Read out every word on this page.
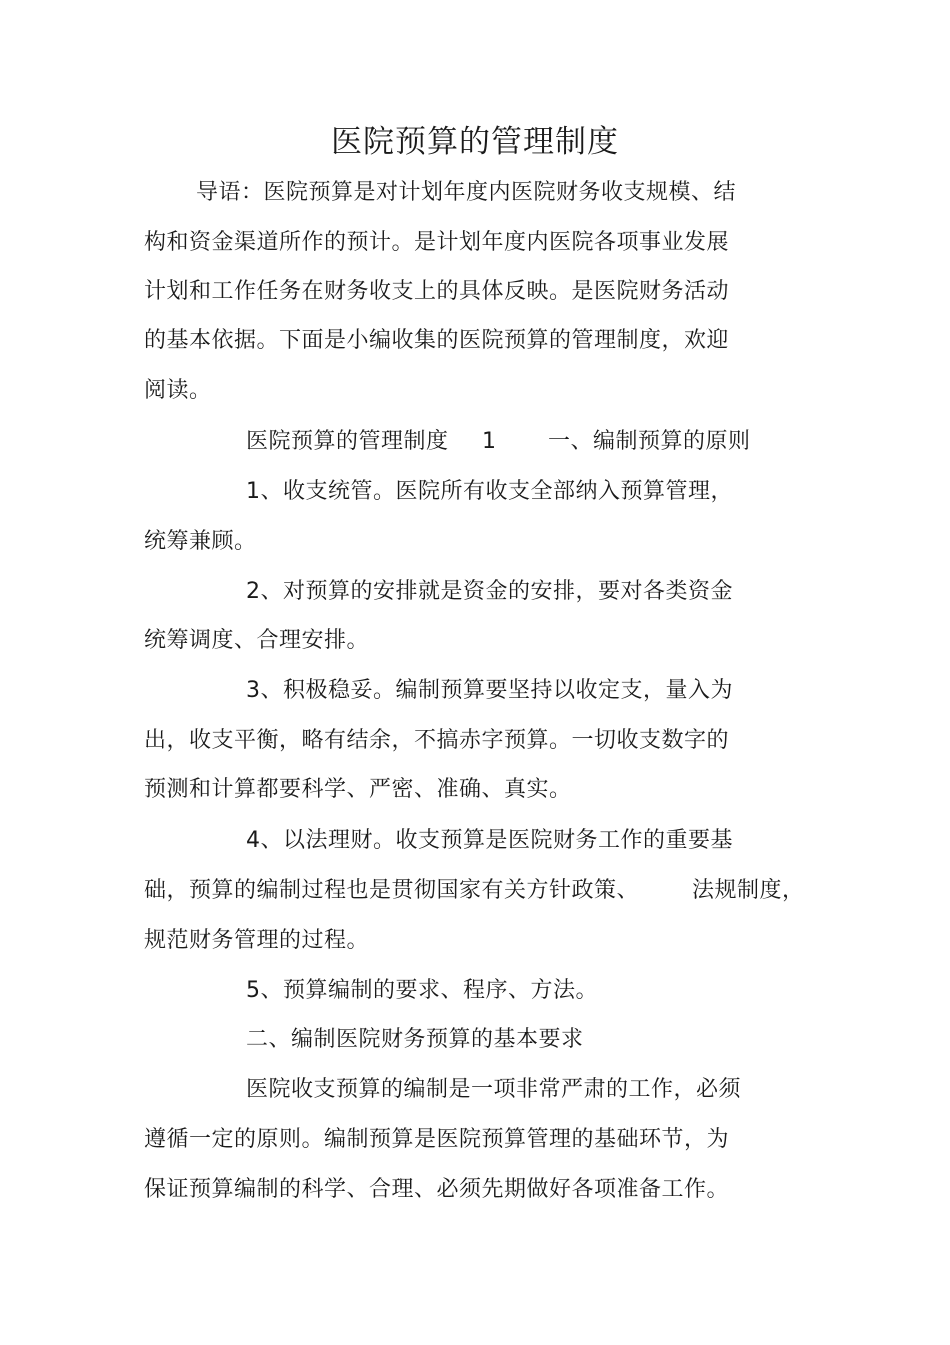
医院预算的管理制度
导语：医院预算是对计划年度内医院财务收支规模、结
构和资金渠道所作的预计。是计划年度内医院各项事业发展
计划和工作任务在财务收支上的具体反映。是医院财务活动
的基本依据。下面是小编收集的医院预算的管理制度，欢迎
阅读。
医院预算的管理制度 1 一、编制预算的原则
1、收支统管。医院所有收支全部纳入预算管理，
统筹兼顾。
2、对预算的安排就是资金的安排，要对各类资金
统筹调度、合理安排。
3、积极稳妥。编制预算要坚持以收定支，量入为
出，收支平衡，略有结余，不搞赤字预算。一切收支数字的
预测和计算都要科学、严密、准确、真实。
4、以法理财。收支预算是医院财务工作的重要基
础，预算的编制过程也是贯彻国家有关方针政策、 法规制度，
规范财务管理的过程。
5、预算编制的要求、程序、方法。
二、编制医院财务预算的基本要求
医院收支预算的编制是一项非常严肃的工作，必须
遵循一定的原则。编制预算是医院预算管理的基础环节，为
保证预算编制的科学、合理、必须先期做好各项准备工作。
